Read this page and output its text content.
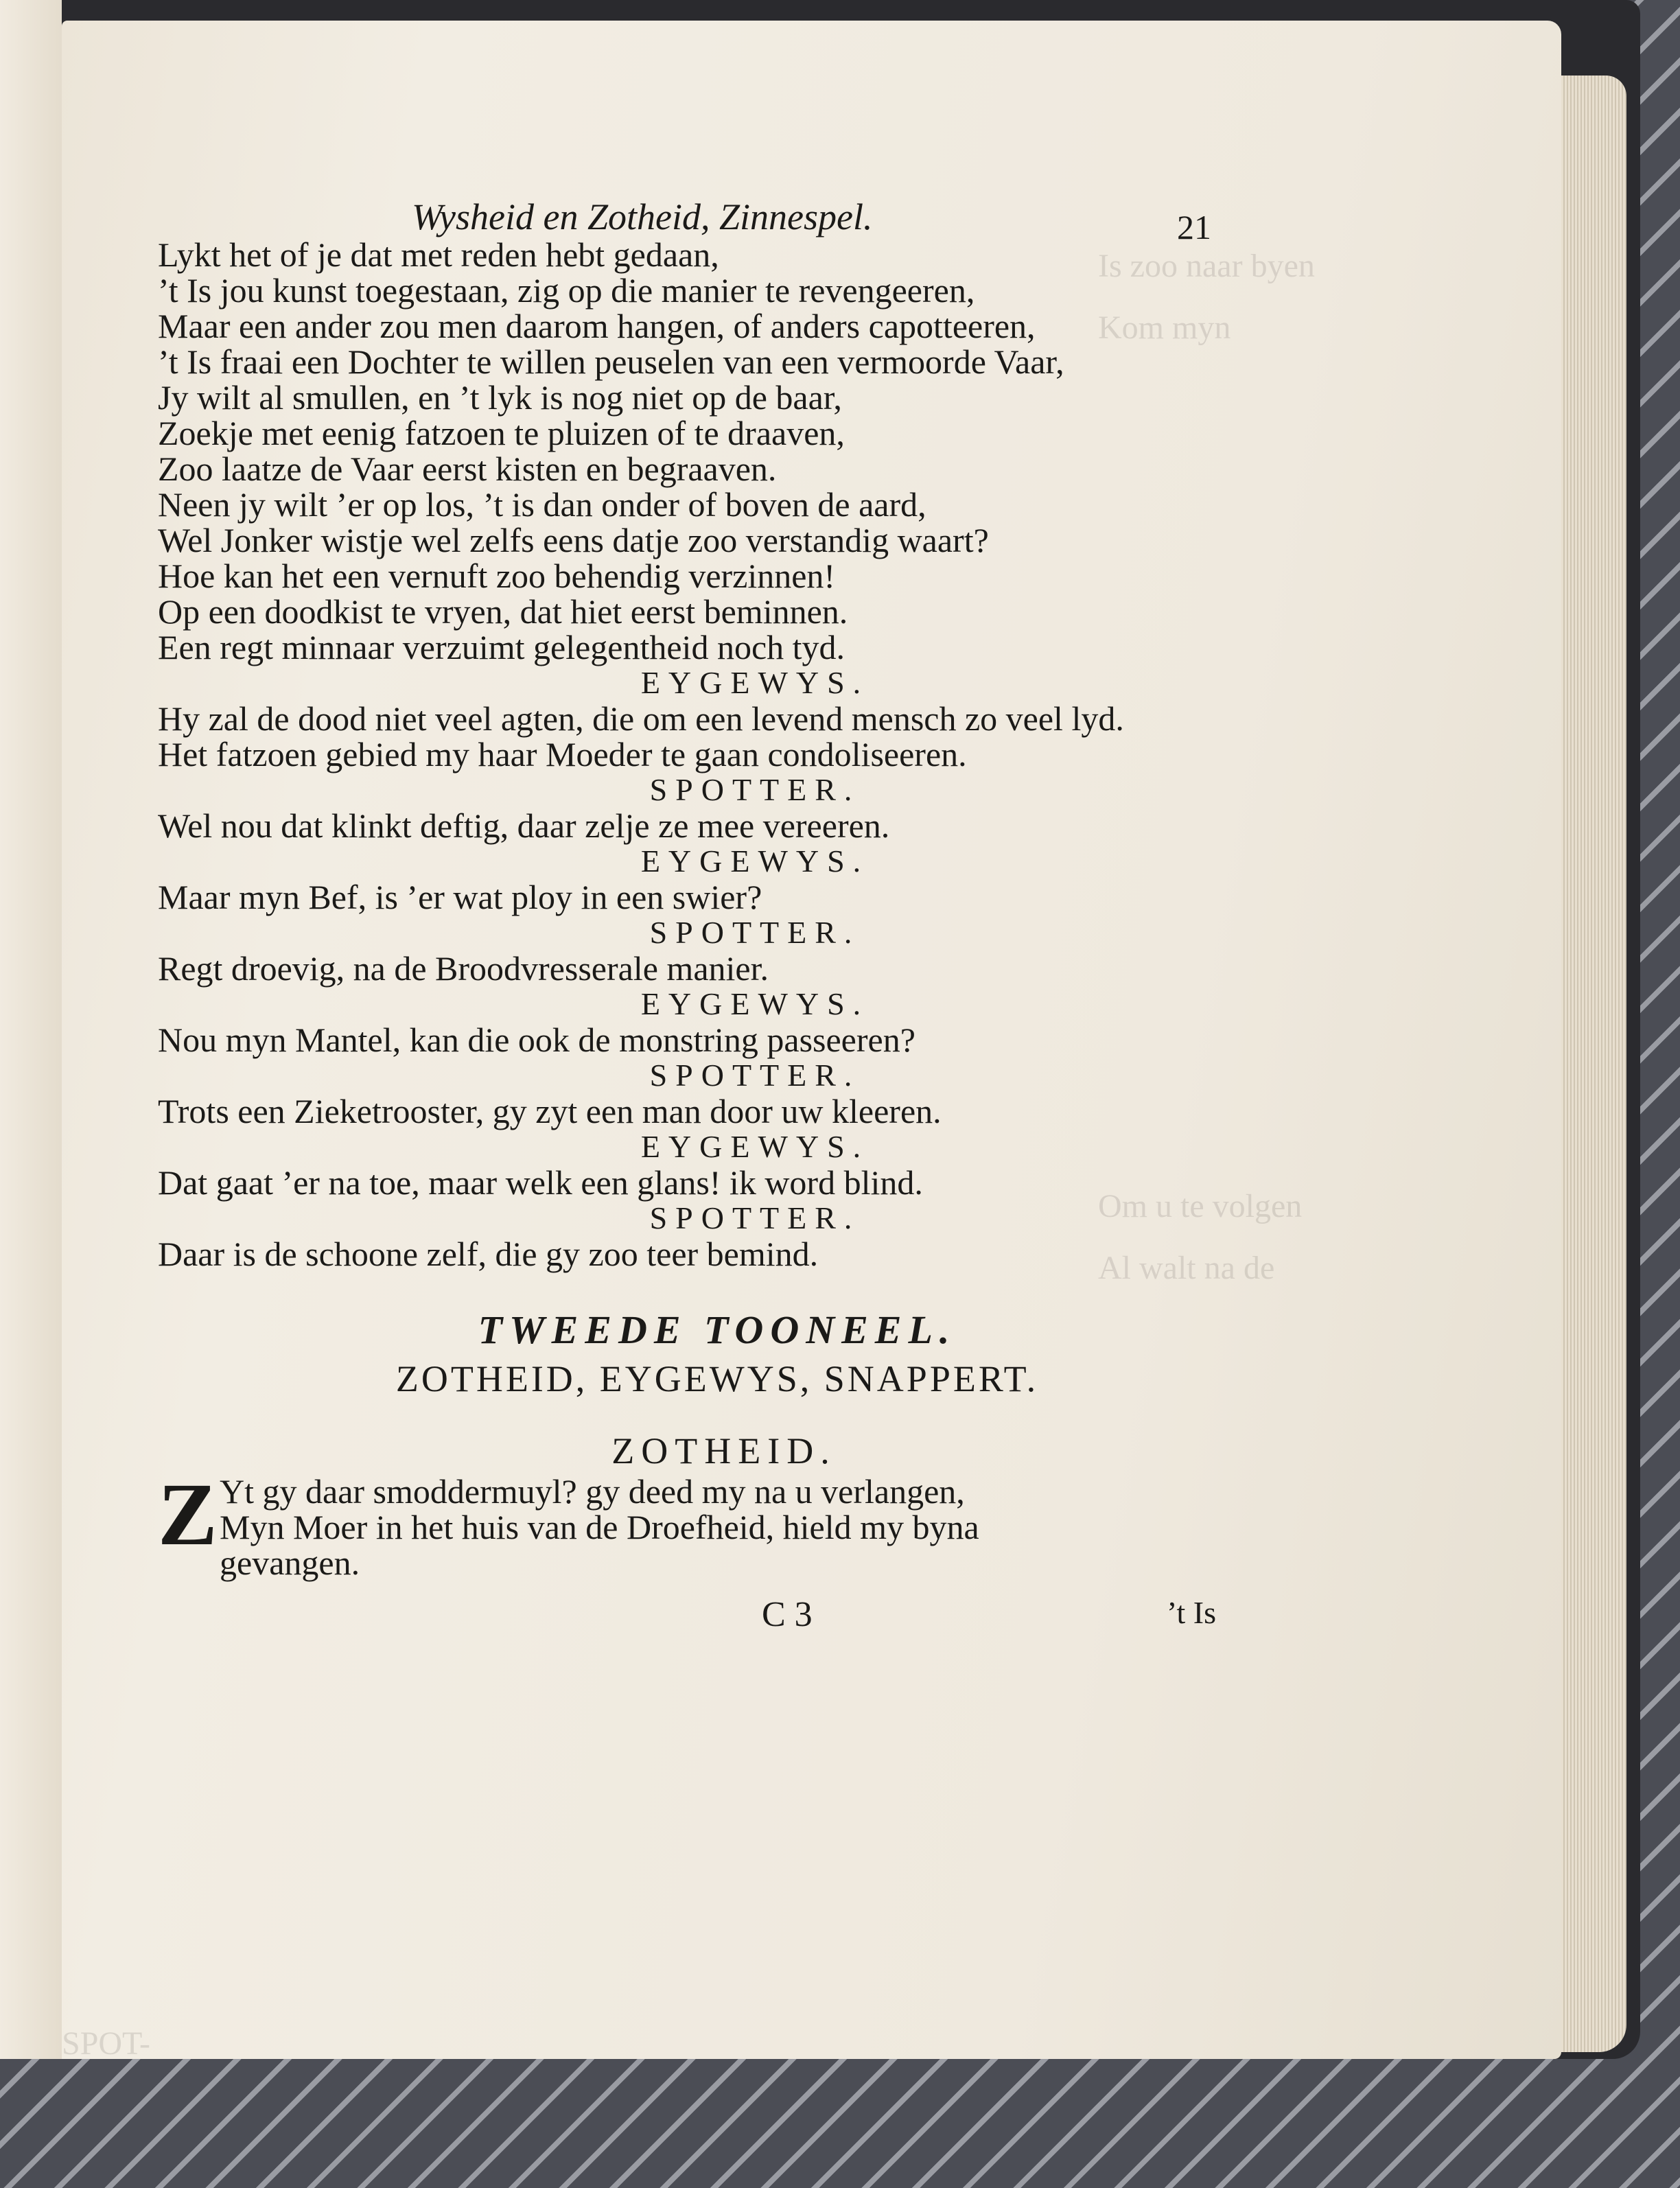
Is zoo naar byen
Kom myn
Om u te volgen
Al walt na de
SPOT-
Wysheid en Zotheid, Zinnespel.	21
Lykt het of je dat met reden hebt gedaan,
’t Is jou kunst toegestaan, zig op die manier te revengeeren,
Maar een ander zou men daarom hangen, of anders capotteeren,
’t Is fraai een Dochter te willen peuselen van een vermoorde Vaar,
Jy wilt al smullen, en ’t lyk is nog niet op de baar,
Zoekje met eenig fatzoen te pluizen of te draaven,
Zoo laatze de Vaar eerst kisten en begraaven.
Neen jy wilt ’er op los, ’t is dan onder of boven de aard,
Wel Jonker wistje wel zelfs eens datje zoo verstandig waart?
Hoe kan het een vernuft zoo behendig verzinnen!
Op een doodkist te vryen, dat hiet eerst beminnen.
Een regt minnaar verzuimt gelegentheid noch tyd.
EYGEWYS.
Hy zal de dood niet veel agten, die om een levend mensch zo veel lyd.
Het fatzoen gebied my haar Moeder te gaan condoliseeren.
SPOTTER.
Wel nou dat klinkt deftig, daar zelje ze mee vereeren.
EYGEWYS.
Maar myn Bef, is ’er wat ploy in een swier?
SPOTTER.
Regt droevig, na de Broodvresserale manier.
EYGEWYS.
Nou myn Mantel, kan die ook de monstring passeeren?
SPOTTER.
Trots een Zieketrooster, gy zyt een man door uw kleeren.
EYGEWYS.
Dat gaat ’er na toe, maar welk een glans! ik word blind.
SPOTTER.
Daar is de schoone zelf, die gy zoo teer bemind.
TWEEDE TOONEEL.
ZOTHEID, EYGEWYS, SNAPPERT.
ZOTHEID.
Z Yt gy daar smoddermuyl? gy deed my na u verlangen,
Myn Moer in het huis van de Droefheid, hield my byna
gevangen.
C 3	’t Is
